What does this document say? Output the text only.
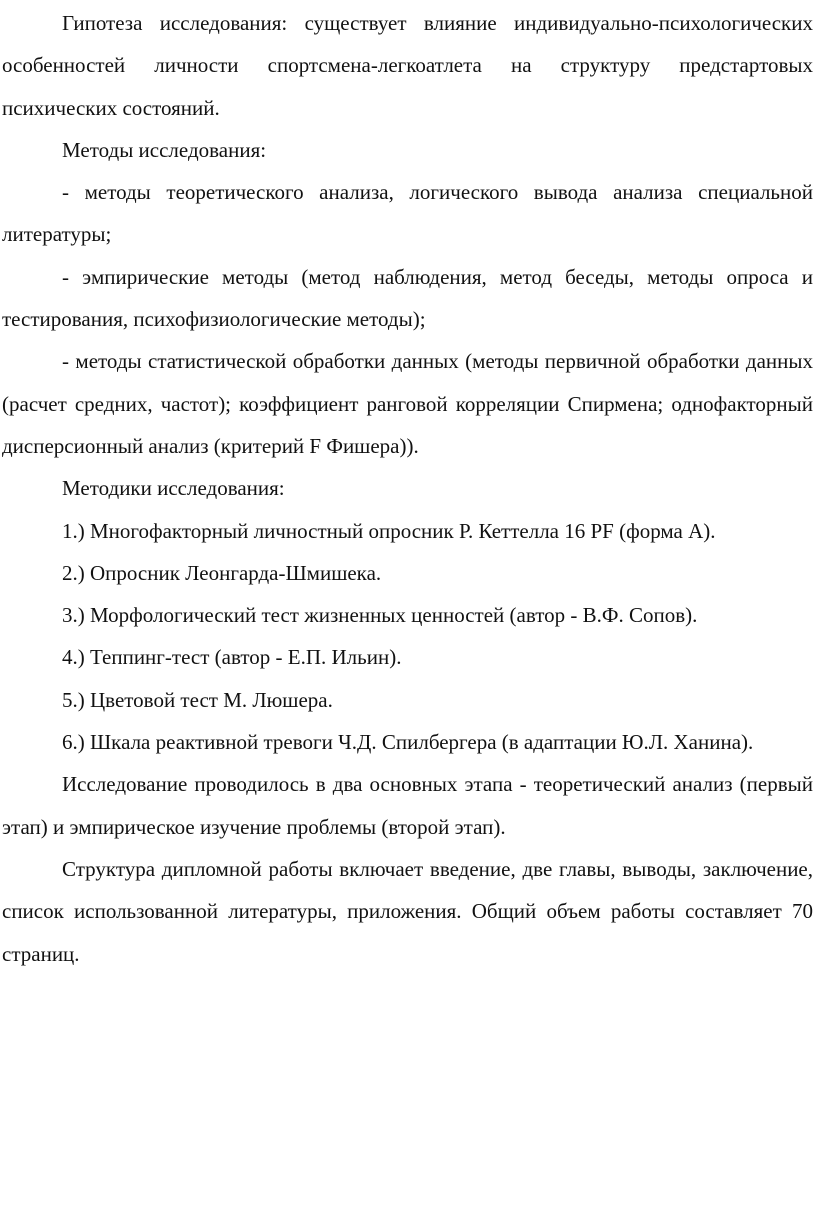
Гипотеза исследования: существует влияние индивидуально-психологических особенностей личности спортсмена-легкоатлета на структуру предстартовых психических состояний.

Методы исследования:

- методы теоретического анализа, логического вывода анализа специальной литературы;

- эмпирические методы (метод наблюдения, метод беседы, методы опроса и тестирования, психофизиологические методы);

- методы статистической обработки данных (методы первичной обработки данных (расчет средних, частот); коэффициент ранговой корреляции Спирмена; однофакторный дисперсионный анализ (критерий F Фишера)).

Методики исследования:

1.) Многофакторный личностный опросник Р. Кеттелла 16 PF (форма А).

2.) Опросник Леонгарда-Шмишека.

3.) Морфологический тест жизненных ценностей (автор - В.Ф. Сопов).

4.) Теппинг-тест (автор - Е.П. Ильин).

5.) Цветовой тест М. Люшера.

6.) Шкала реактивной тревоги Ч.Д. Спилбергера (в адаптации Ю.Л. Ханина).

Исследование проводилось в два основных этапа - теоретический анализ (первый этап) и эмпирическое изучение проблемы (второй этап).

Структура дипломной работы включает введение, две главы, выводы, заключение, список использованной литературы, приложения. Общий объем работы составляет 70 страниц.
